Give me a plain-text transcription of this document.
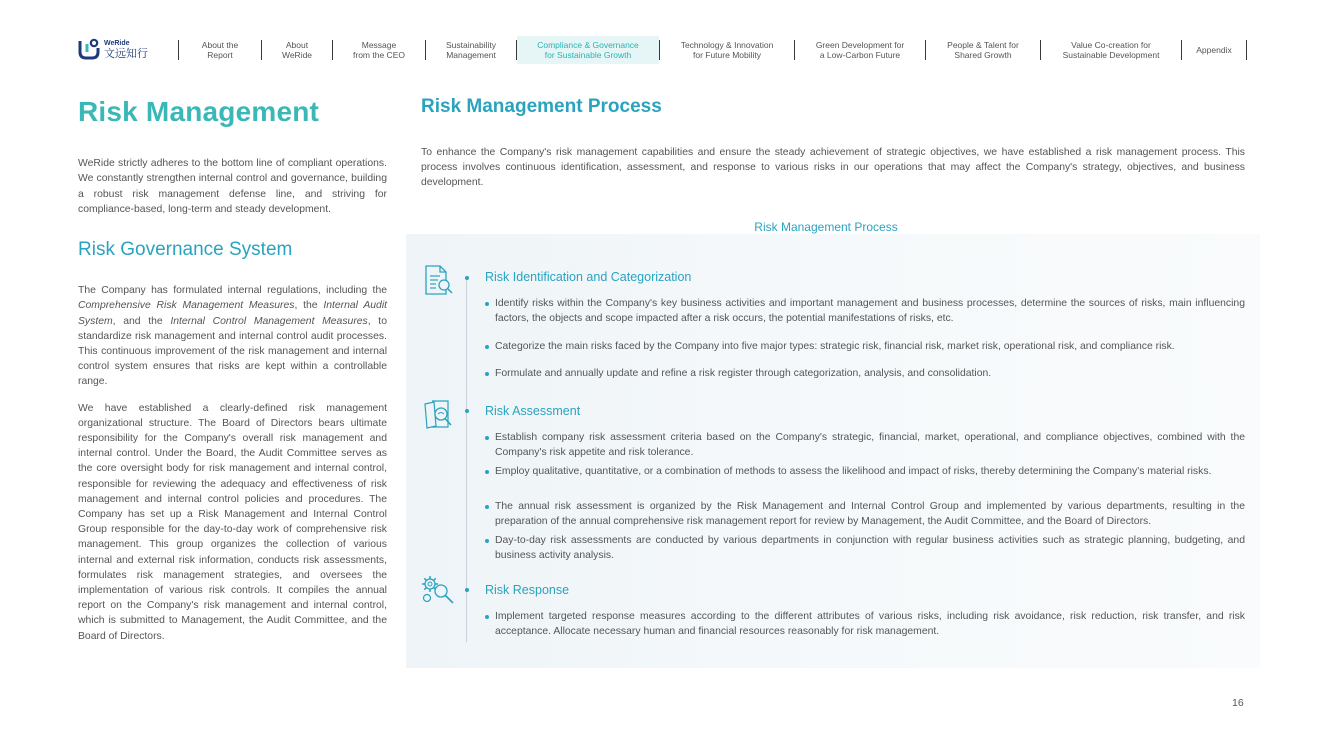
WeRide
文远知行
About the
Report
About
WeRide
Message
from the CEO
Sustainability
Management
Compliance & Governance
for Sustainable Growth
Technology & Innovation
for Future Mobility
Green Development for
a Low-Carbon Future
People & Talent for
Shared Growth
Value Co-creation for
Sustainable Development	Appendix
Risk Management

WeRide strictly adheres to the bottom line of compliant operations. We constantly strengthen internal control and governance, building a robust risk management defense line, and striving for compliance-based, long-term and steady development.

Risk Governance System

The Company has formulated internal regulations, including the Comprehensive Risk Management Measures, the Internal Audit System, and the Internal Control Management Measures, to standardize risk management and internal control audit processes. This continuous improvement of the risk management and internal control system ensures that risks are kept within a controllable range.

We have established a clearly-defined risk management organizational structure. The Board of Directors bears ultimate responsibility for the Company's overall risk management and internal control. Under the Board, the Audit Committee serves as the core oversight body for risk management and internal control, responsible for reviewing the adequacy and effectiveness of risk management and internal control policies and procedures. The Company has set up a Risk Management and Internal Control Group responsible for the day-to-day work of comprehensive risk management. This group organizes the collection of various internal and external risk information, conducts risk assessments, formulates risk management strategies, and oversees the implementation of various risk controls. It compiles the annual report on the Company's risk management and internal control, which is submitted to Management, the Audit Committee, and the Board of Directors.

Risk Management Process

To enhance the Company's risk management capabilities and ensure the steady achievement of strategic objectives, we have established a risk management process. This process involves continuous identification, assessment, and response to various risks in our operations that may affect the Company's strategy, objectives, and business development.

Risk Management Process
Risk Identification and Categorization
Identify risks within the Company's key business activities and important management and business processes, determine the sources of risks, main influencing factors, the objects and scope impacted after a risk occurs, the potential manifestations of risks, etc.
Categorize the main risks faced by the Company into five major types: strategic risk, financial risk, market risk, operational risk, and compliance risk.
Formulate and annually update and refine a risk register through categorization, analysis, and consolidation.
Risk Assessment
Establish company risk assessment criteria based on the Company's strategic, financial, market, operational, and compliance objectives, combined with the Company's risk appetite and risk tolerance.
Employ qualitative, quantitative, or a combination of methods to assess the likelihood and impact of risks, thereby determining the Company's material risks.
The annual risk assessment is organized by the Risk Management and Internal Control Group and implemented by various departments, resulting in the preparation of the annual comprehensive risk management report for review by Management, the Audit Committee, and the Board of Directors.
Day-to-day risk assessments are conducted by various departments in conjunction with regular business activities such as strategic planning, budgeting, and business activity analysis.
Risk Response
Implement targeted response measures according to the different attributes of various risks, including risk avoidance, risk reduction, risk transfer, and risk acceptance. Allocate necessary human and financial resources reasonably for risk management.
16
